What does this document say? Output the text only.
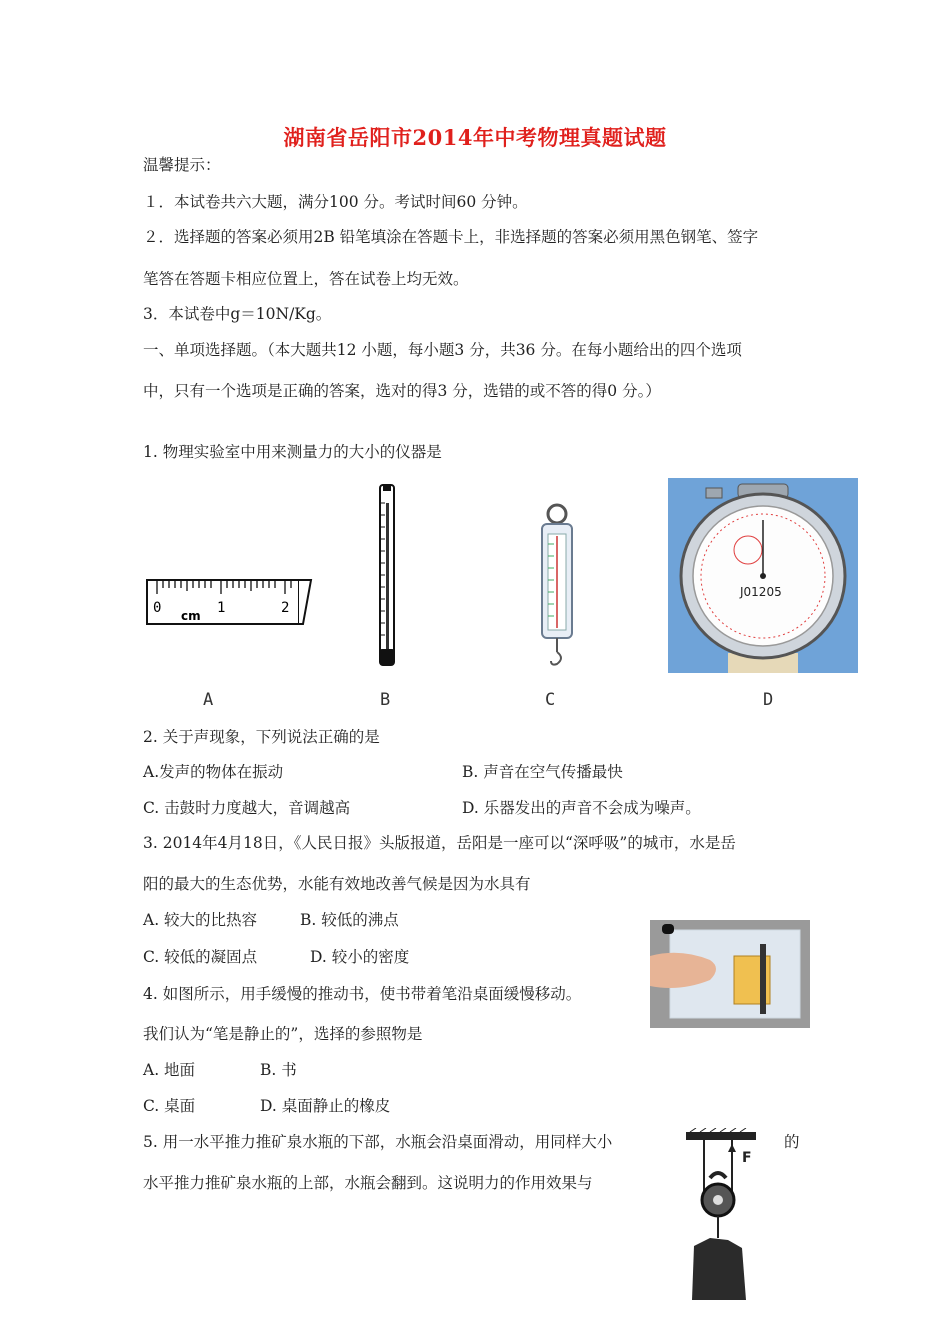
湖南省岳阳市2014年中考物理真题试题
温馨提示：
１．本试卷共六大题，满分100 分。考试时间60 分钟。
２．选择题的答案必须用2B 铅笔填涂在答题卡上，非选择题的答案必须用黑色钢笔、签字
笔答在答题卡相应位置上，答在试卷上均无效。
3．本试卷中g＝10N/Kg。
一、单项选择题。（本大题共12 小题，每小题3 分，共36 分。在每小题给出的四个选项
中，只有一个选项是正确的答案，选对的得3 分，选错的或不答的得0 分。）
1. 物理实验室中用来测量力的大小的仪器是
0	1	2
cm
J01205
A	B	C	D
2. 关于声现象，下列说法正确的是
A.发声的物体在振动	B. 声音在空气传播最快
C. 击鼓时力度越大，音调越高	D. 乐器发出的声音不会成为噪声。
3. 2014年4月18日，《人民日报》头版报道，岳阳是一座可以“深呼吸”的城市，水是岳
阳的最大的生态优势，水能有效地改善气候是因为水具有
A. 较大的比热容	B. 较低的沸点
C. 较低的凝固点	D. 较小的密度
4. 如图所示，用手缓慢的推动书，使书带着笔沿桌面缓慢移动。
我们认为“笔是静止的”，选择的参照物是
A. 地面	B. 书
C. 桌面	D. 桌面静止的橡皮
5. 用一水平推力推矿泉水瓶的下部，水瓶会沿桌面滑动，用同样大小	的
水平推力推矿泉水瓶的上部，水瓶会翻到。这说明力的作用效果与
F
